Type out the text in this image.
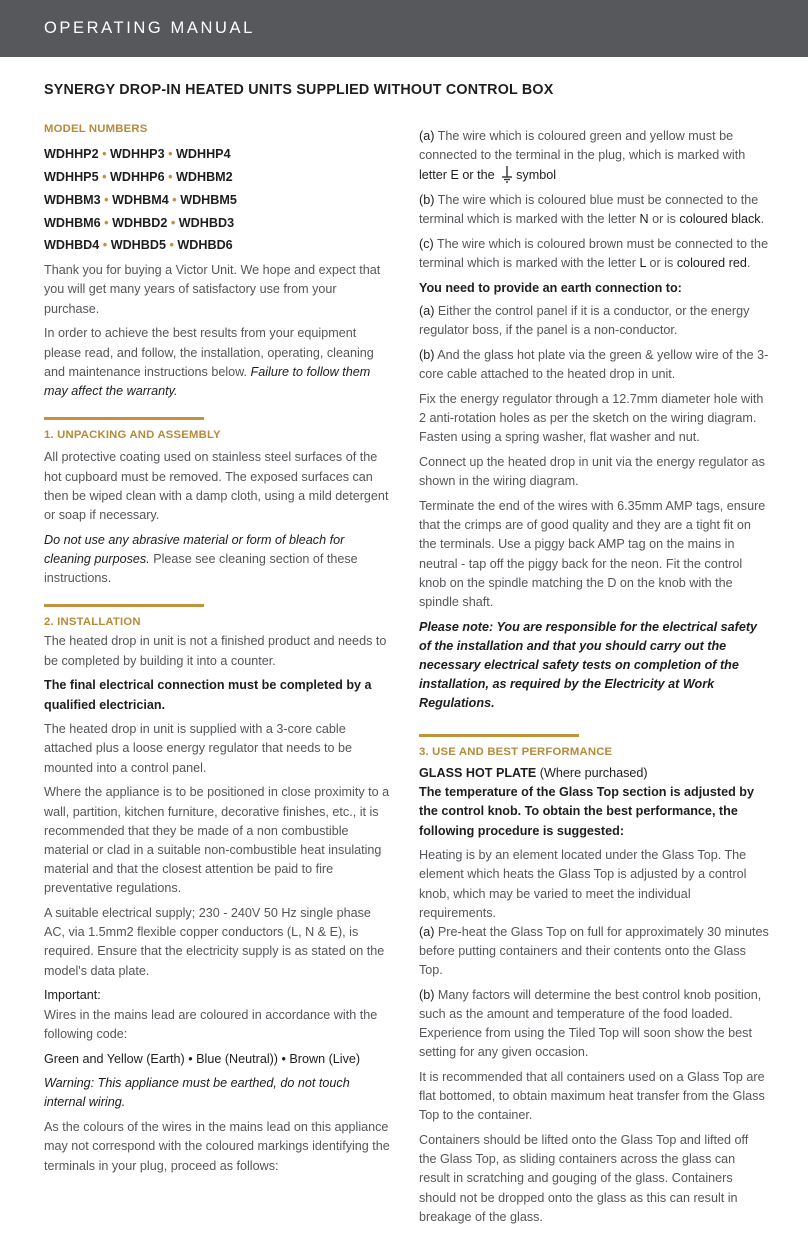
OPERATING MANUAL
SYNERGY DROP-IN HEATED UNITS SUPPLIED WITHOUT CONTROL BOX
MODEL NUMBERS
WDHHP2 • WDHHP3 • WDHHP4
WDHHP5 • WDHHP6 • WDHBM2
WDHBM3 • WDHBM4 • WDHBM5
WDHBM6 • WDHBD2 • WDHBD3
WDHBD4 • WDHBD5 • WDHBD6

Thank you for buying a Victor Unit. We hope and expect that you will get many years of satisfactory use from your purchase.

In order to achieve the best results from your equipment please read, and follow, the installation, operating, cleaning and maintenance instructions below. Failure to follow them may affect the warranty.

1. UNPACKING AND ASSEMBLY

All protective coating used on stainless steel surfaces of the hot cupboard must be removed. The exposed surfaces can then be wiped clean with a damp cloth, using a mild detergent or soap if necessary.

Do not use any abrasive material or form of bleach for cleaning purposes. Please see cleaning section of these instructions.

2. INSTALLATION

The heated drop in unit is not a finished product and needs to be completed by building it into a counter.

The final electrical connection must be completed by a qualified electrician.

The heated drop in unit is supplied with a 3-core cable attached plus a loose energy regulator that needs to be mounted into a control panel.

Where the appliance is to be positioned in close proximity to a wall, partition, kitchen furniture, decorative finishes, etc., it is recommended that they be made of a non combustible material or clad in a suitable non-combustible heat insulating material and that the closest attention be paid to fire preventative regulations.

A suitable electrical supply; 230 - 240V 50 Hz single phase AC, via 1.5mm2 flexible copper conductors (L, N & E), is required. Ensure that the electricity supply is as stated on the model's data plate.

Important:

Wires in the mains lead are coloured in accordance with the following code:

Green and Yellow (Earth) • Blue (Neutral)) • Brown (Live)

Warning: This appliance must be earthed, do not touch internal wiring.

As the colours of the wires in the mains lead on this appliance may not correspond with the coloured markings identifying the terminals in your plug, proceed as follows:

(a) The wire which is coloured green and yellow must be connected to the terminal in the plug, which is marked with letter E or the symbol

(b) The wire which is coloured blue must be connected to the terminal which is marked with the letter N or is coloured black.

(c) The wire which is coloured brown must be connected to the terminal which is marked with the letter L or is coloured red.

You need to provide an earth connection to:

(a) Either the control panel if it is a conductor, or the energy regulator boss, if the panel is a non-conductor.

(b) And the glass hot plate via the green & yellow wire of the 3-core cable attached to the heated drop in unit.

Fix the energy regulator through a 12.7mm diameter hole with 2 anti-rotation holes as per the sketch on the wiring diagram. Fasten using a spring washer, flat washer and nut.

Connect up the heated drop in unit via the energy regulator as shown in the wiring diagram.

Terminate the end of the wires with 6.35mm AMP tags, ensure that the crimps are of good quality and they are a tight fit on the terminals. Use a piggy back AMP tag on the mains in neutral - tap off the piggy back for the neon. Fit the control knob on the spindle matching the D on the knob with the spindle shaft.

Please note: You are responsible for the electrical safety of the installation and that you should carry out the necessary electrical safety tests on completion of the installation, as required by the Electricity at Work Regulations.

3. USE AND BEST PERFORMANCE
GLASS HOT PLATE (Where purchased)

The temperature of the Glass Top section is adjusted by the control knob. To obtain the best performance, the following procedure is suggested:

Heating is by an element located under the Glass Top. The element which heats the Glass Top is adjusted by a control knob, which may be varied to meet the individual requirements.

(a) Pre-heat the Glass Top on full for approximately 30 minutes before putting containers and their contents onto the Glass Top.

(b) Many factors will determine the best control knob position, such as the amount and temperature of the food loaded. Experience from using the Tiled Top will soon show the best setting for any given occasion.

It is recommended that all containers used on a Glass Top are flat bottomed, to obtain maximum heat transfer from the Glass Top to the container.

Containers should be lifted onto the Glass Top and lifted off the Glass Top, as sliding containers across the glass can result in scratching and gouging of the glass. Containers should not be dropped onto the glass as this can result in breakage of the glass.
